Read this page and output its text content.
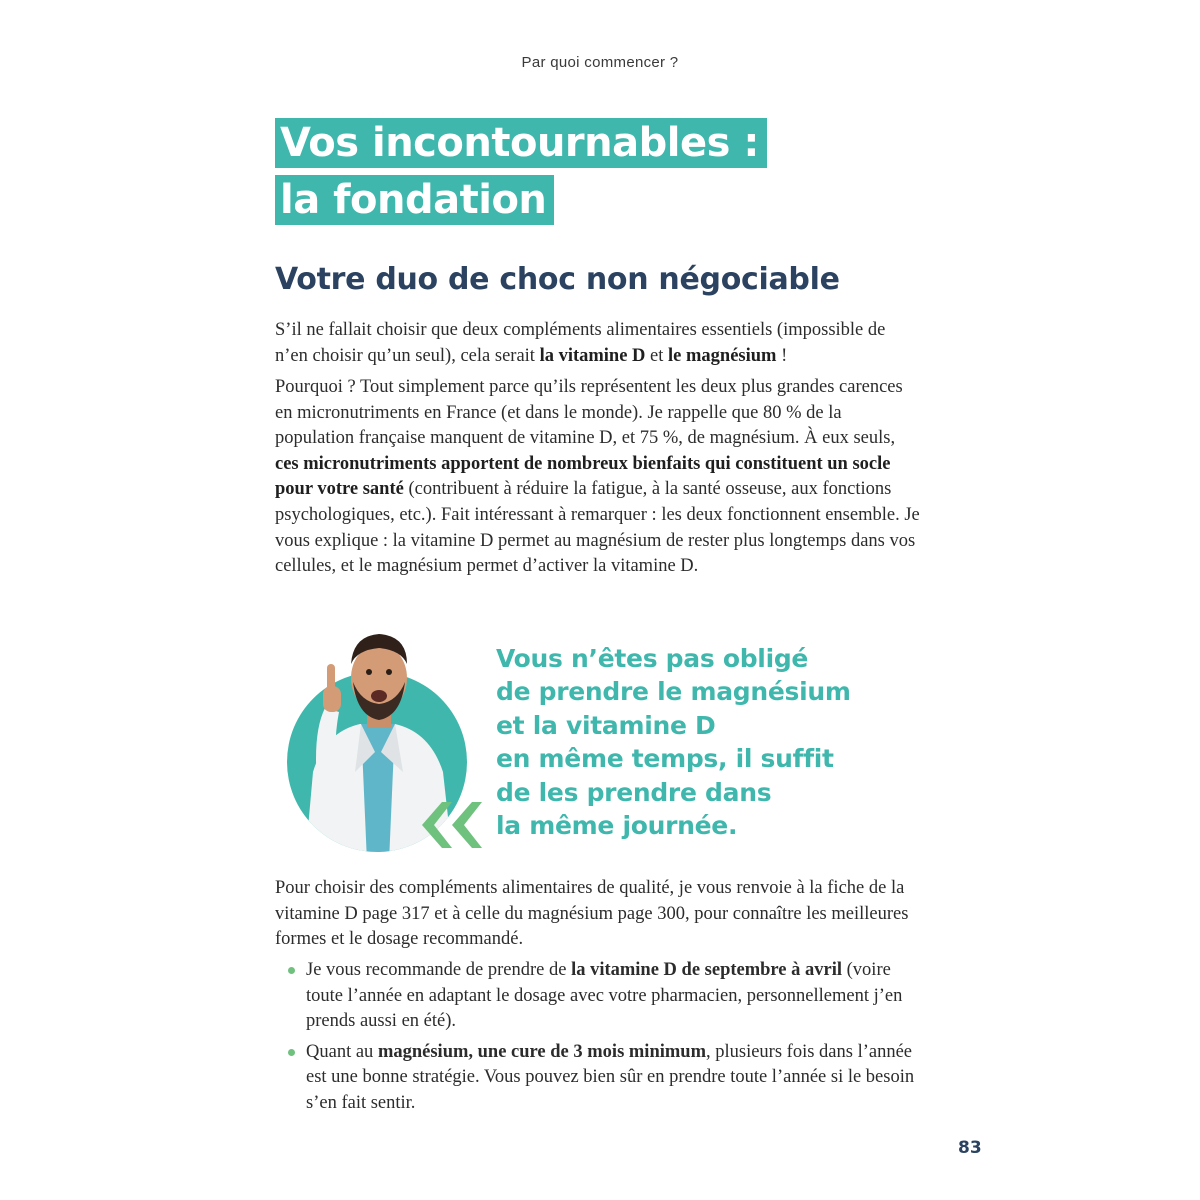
Par quoi commencer ?
Vos incontournables :
la fondation
Votre duo de choc non négociable

S’il ne fallait choisir que deux compléments alimentaires essentiels (impossible de n’en choisir qu’un seul), cela serait la vitamine D et le magnésium !

Pourquoi ? Tout simplement parce qu’ils représentent les deux plus grandes carences en micronutriments en France (et dans le monde). Je rappelle que 80 % de la population française manquent de vitamine D, et 75 %, de magnésium. À eux seuls, ces micronutriments apportent de nombreux bienfaits qui constituent un socle pour votre santé (contribuent à réduire la fatigue, à la santé osseuse, aux fonctions psychologiques, etc.). Fait intéressant à remarquer : les deux fonctionnent ensemble. Je vous explique : la vitamine D permet au magnésium de rester plus longtemps dans vos cellules, et le magnésium permet d’activer la vitamine D.

Vous n’êtes pas obligé
de prendre le magnésium
et la vitamine D
en même temps, il suffit
de les prendre dans
la même journée.

Pour choisir des compléments alimentaires de qualité, je vous renvoie à la fiche de la vitamine D page 317 et à celle du magnésium page 300, pour connaître les meilleures formes et le dosage recommandé.

Je vous recommande de prendre de la vitamine D de septembre à avril (voire toute l’année en adaptant le dosage avec votre pharmacien, personnellement j’en prends aussi en été).
Quant au magnésium, une cure de 3 mois minimum, plusieurs fois dans l’année est une bonne stratégie. Vous pouvez bien sûr en prendre toute l’année si le besoin s’en fait sentir.
83
